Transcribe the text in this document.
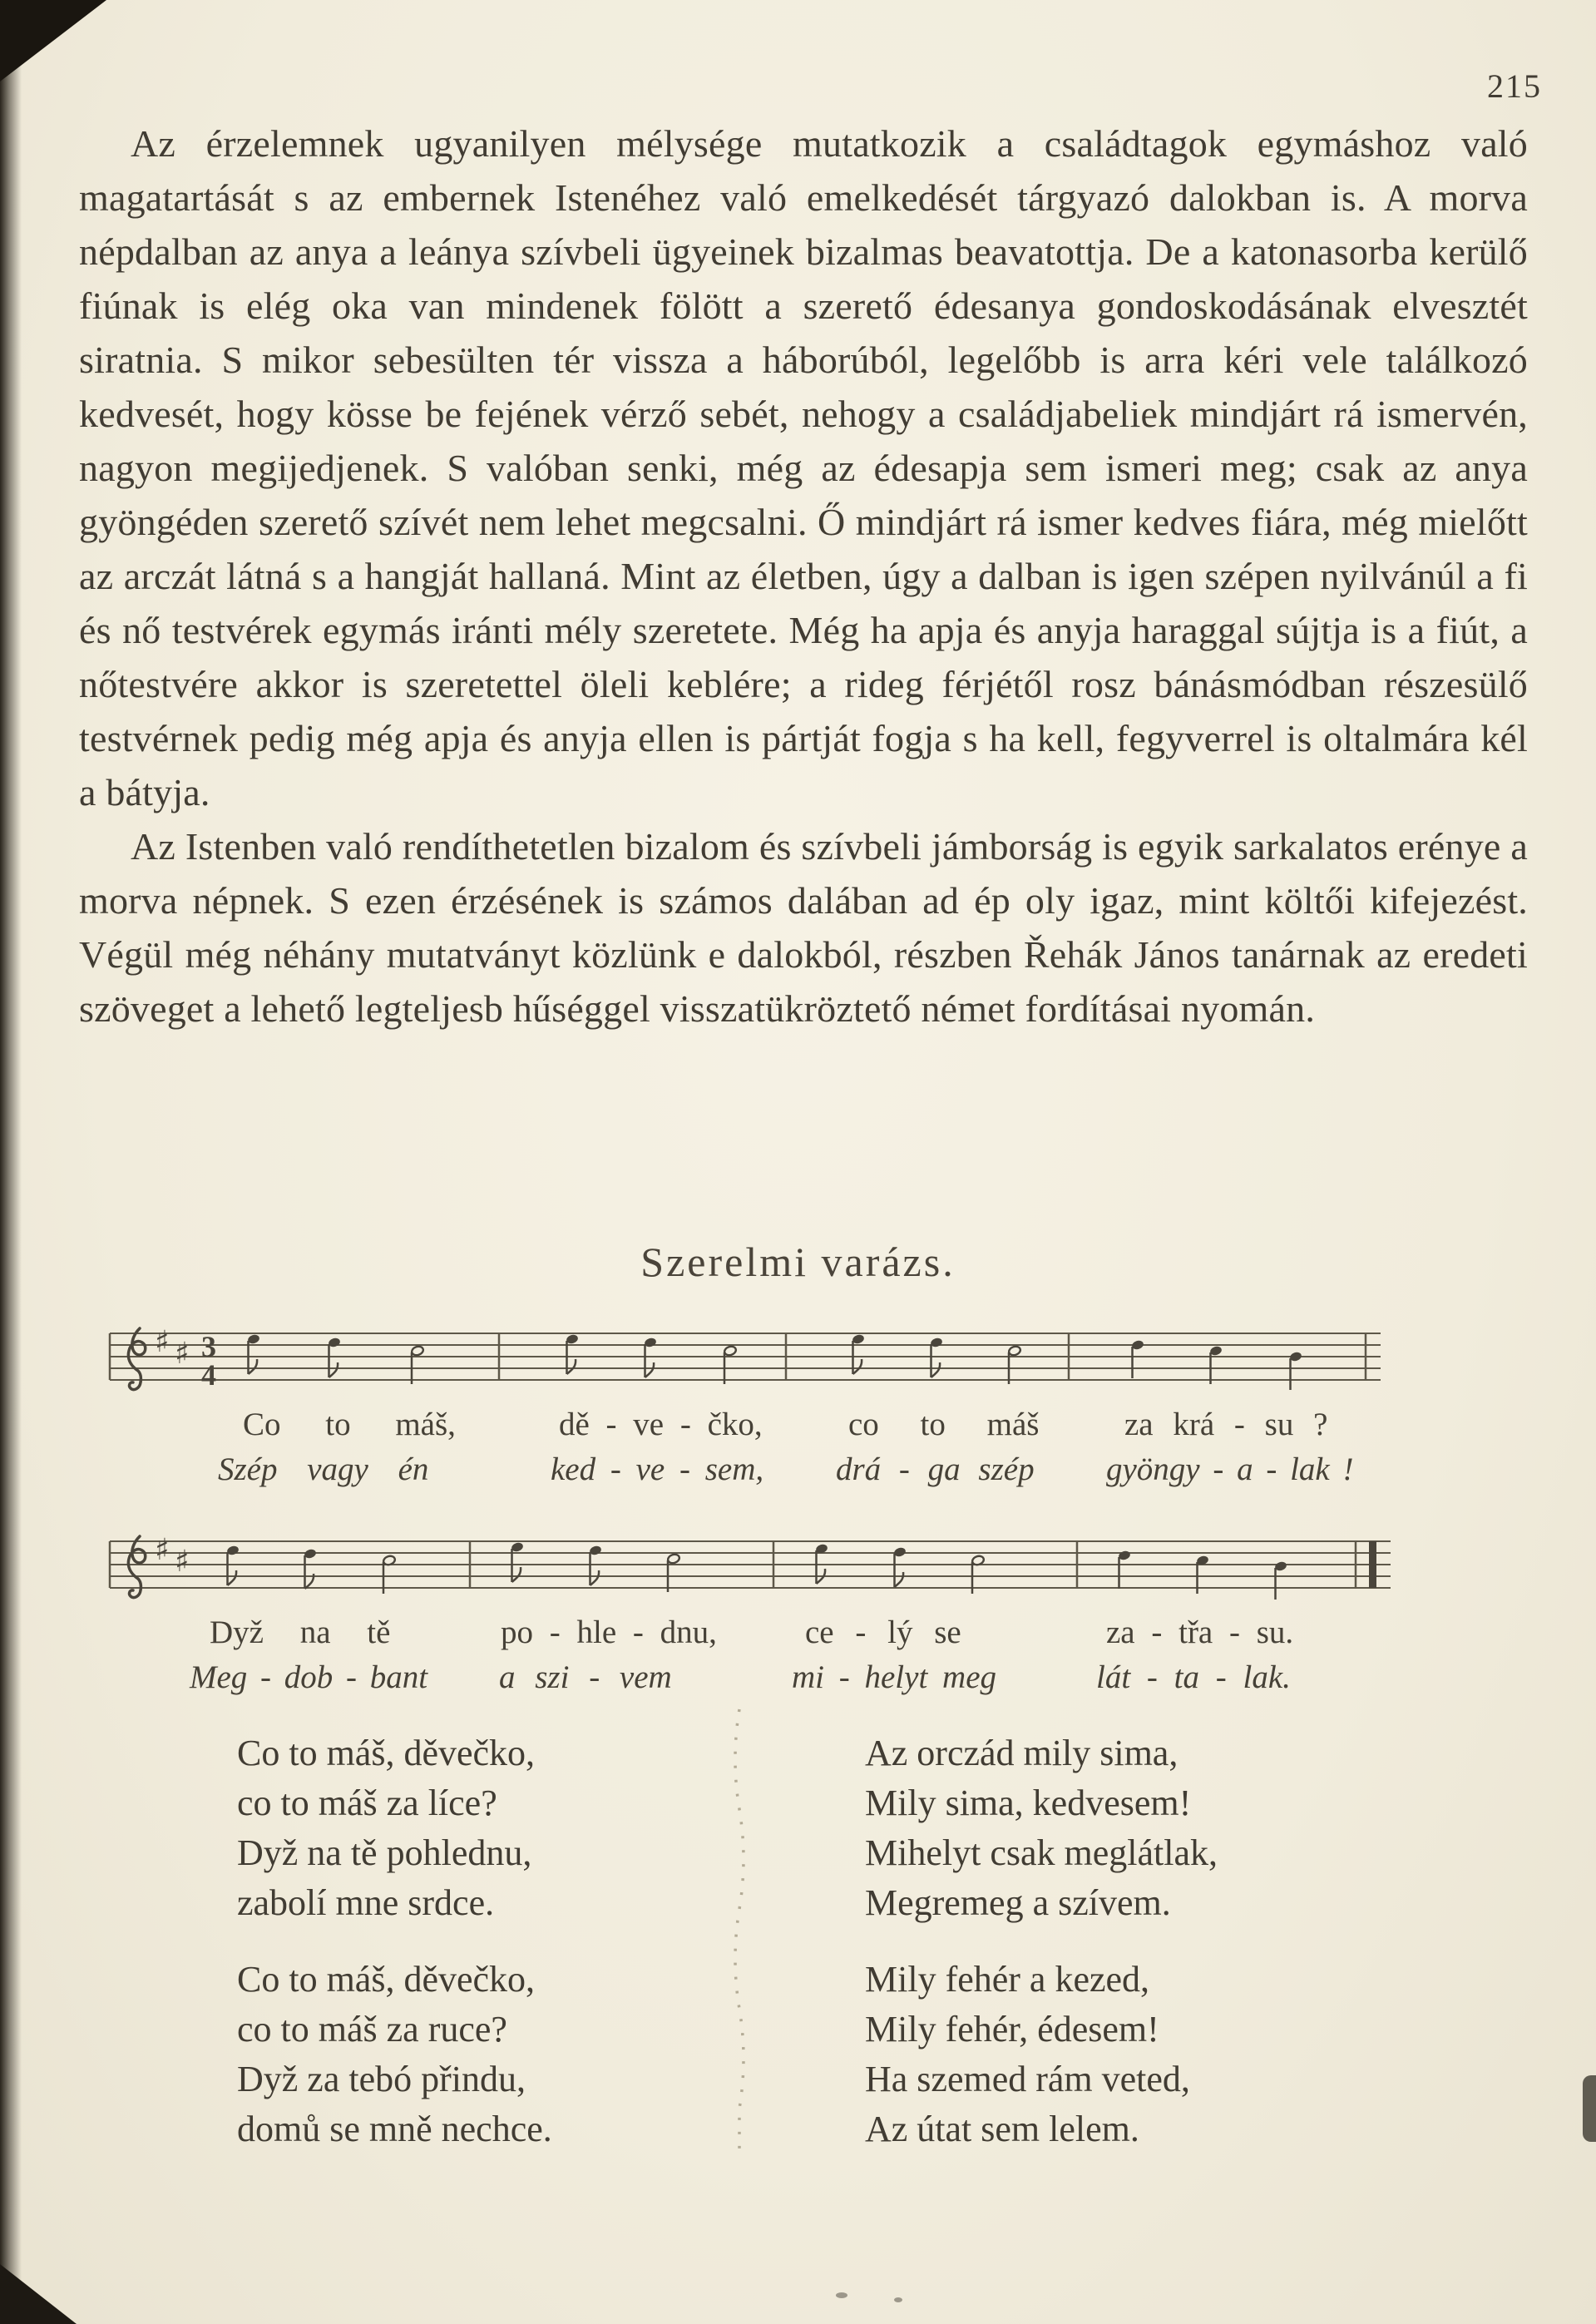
215

Az érzelemnek ugyanilyen mélysége mutatkozik a családtagok egymáshoz való magatartását s az embernek Istenéhez való emelkedését tárgyazó dalokban is. A morva népdalban az anya a leánya szívbeli ügyeinek bizalmas beavatottja. De a katonasorba kerülő fiúnak is elég oka van mindenek fölött a szerető édesanya gondoskodásának elvesztét siratnia. S mikor sebesülten tér vissza a háborúból, legelőbb is arra kéri vele találkozó kedvesét, hogy kösse be fejének vérző sebét, nehogy a családjabeliek mindjárt rá ismervén, nagyon megijedjenek. S valóban senki, még az édesapja sem ismeri meg; csak az anya gyöngéden szerető szívét nem lehet megcsalni. Ő mindjárt rá ismer kedves fiára, még mielőtt az arczát látná s a hangját hallaná. Mint az életben, úgy a dalban is igen szépen nyilvánúl a fi és nő testvérek egymás iránti mély szeretete. Még ha apja és anyja haraggal sújtja is a fiút, a nőtestvére akkor is szeretettel öleli keblére; a rideg férjétől rosz bánásmódban részesülő testvérnek pedig még apja és anyja ellen is pártját fogja s ha kell, fegyverrel is oltalmára kél a bátyja.

Az Istenben való rendíthetetlen bizalom és szívbeli jámborság is egyik sarkalatos erénye a morva népnek. S ezen érzésének is számos dalában ad ép oly igaz, mint költői kifejezést. Végül még néhány mutatványt közlünk e dalokból, részben Řehák János tanárnak az eredeti szöveget a lehető legteljesb hűséggel visszatükröztető német fordításai nyomán.

Szerelmi varázs.
♯ ♯ 3
4
Co to máš,	dě - ve - čko,	co to máš	za krá - su ?
Szép vagy én	ked - ve - sem, drá - ga szép gyöngy - a - lak !
♯ ♯
Dyž na tě	po - hle - dnu,	ce - lý se	za - třa - su.
Meg - dob - bant a szi - vem	mi - helyt meg	lát - ta - lak.
Co to máš, děvečko,
co to máš za líce?
Dyž na tě pohlednu,
zabolí mne srdce.
Co to máš, děvečko,
co to máš za ruce?
Dyž za tebó přindu,
domů se mně nechce.
Az orczád mily sima,
Mily sima, kedvesem!
Mihelyt csak meglátlak,
Megremeg a szívem.
Mily fehér a kezed,
Mily fehér, édesem!
Ha szemed rám veted,
Az útat sem lelem.
